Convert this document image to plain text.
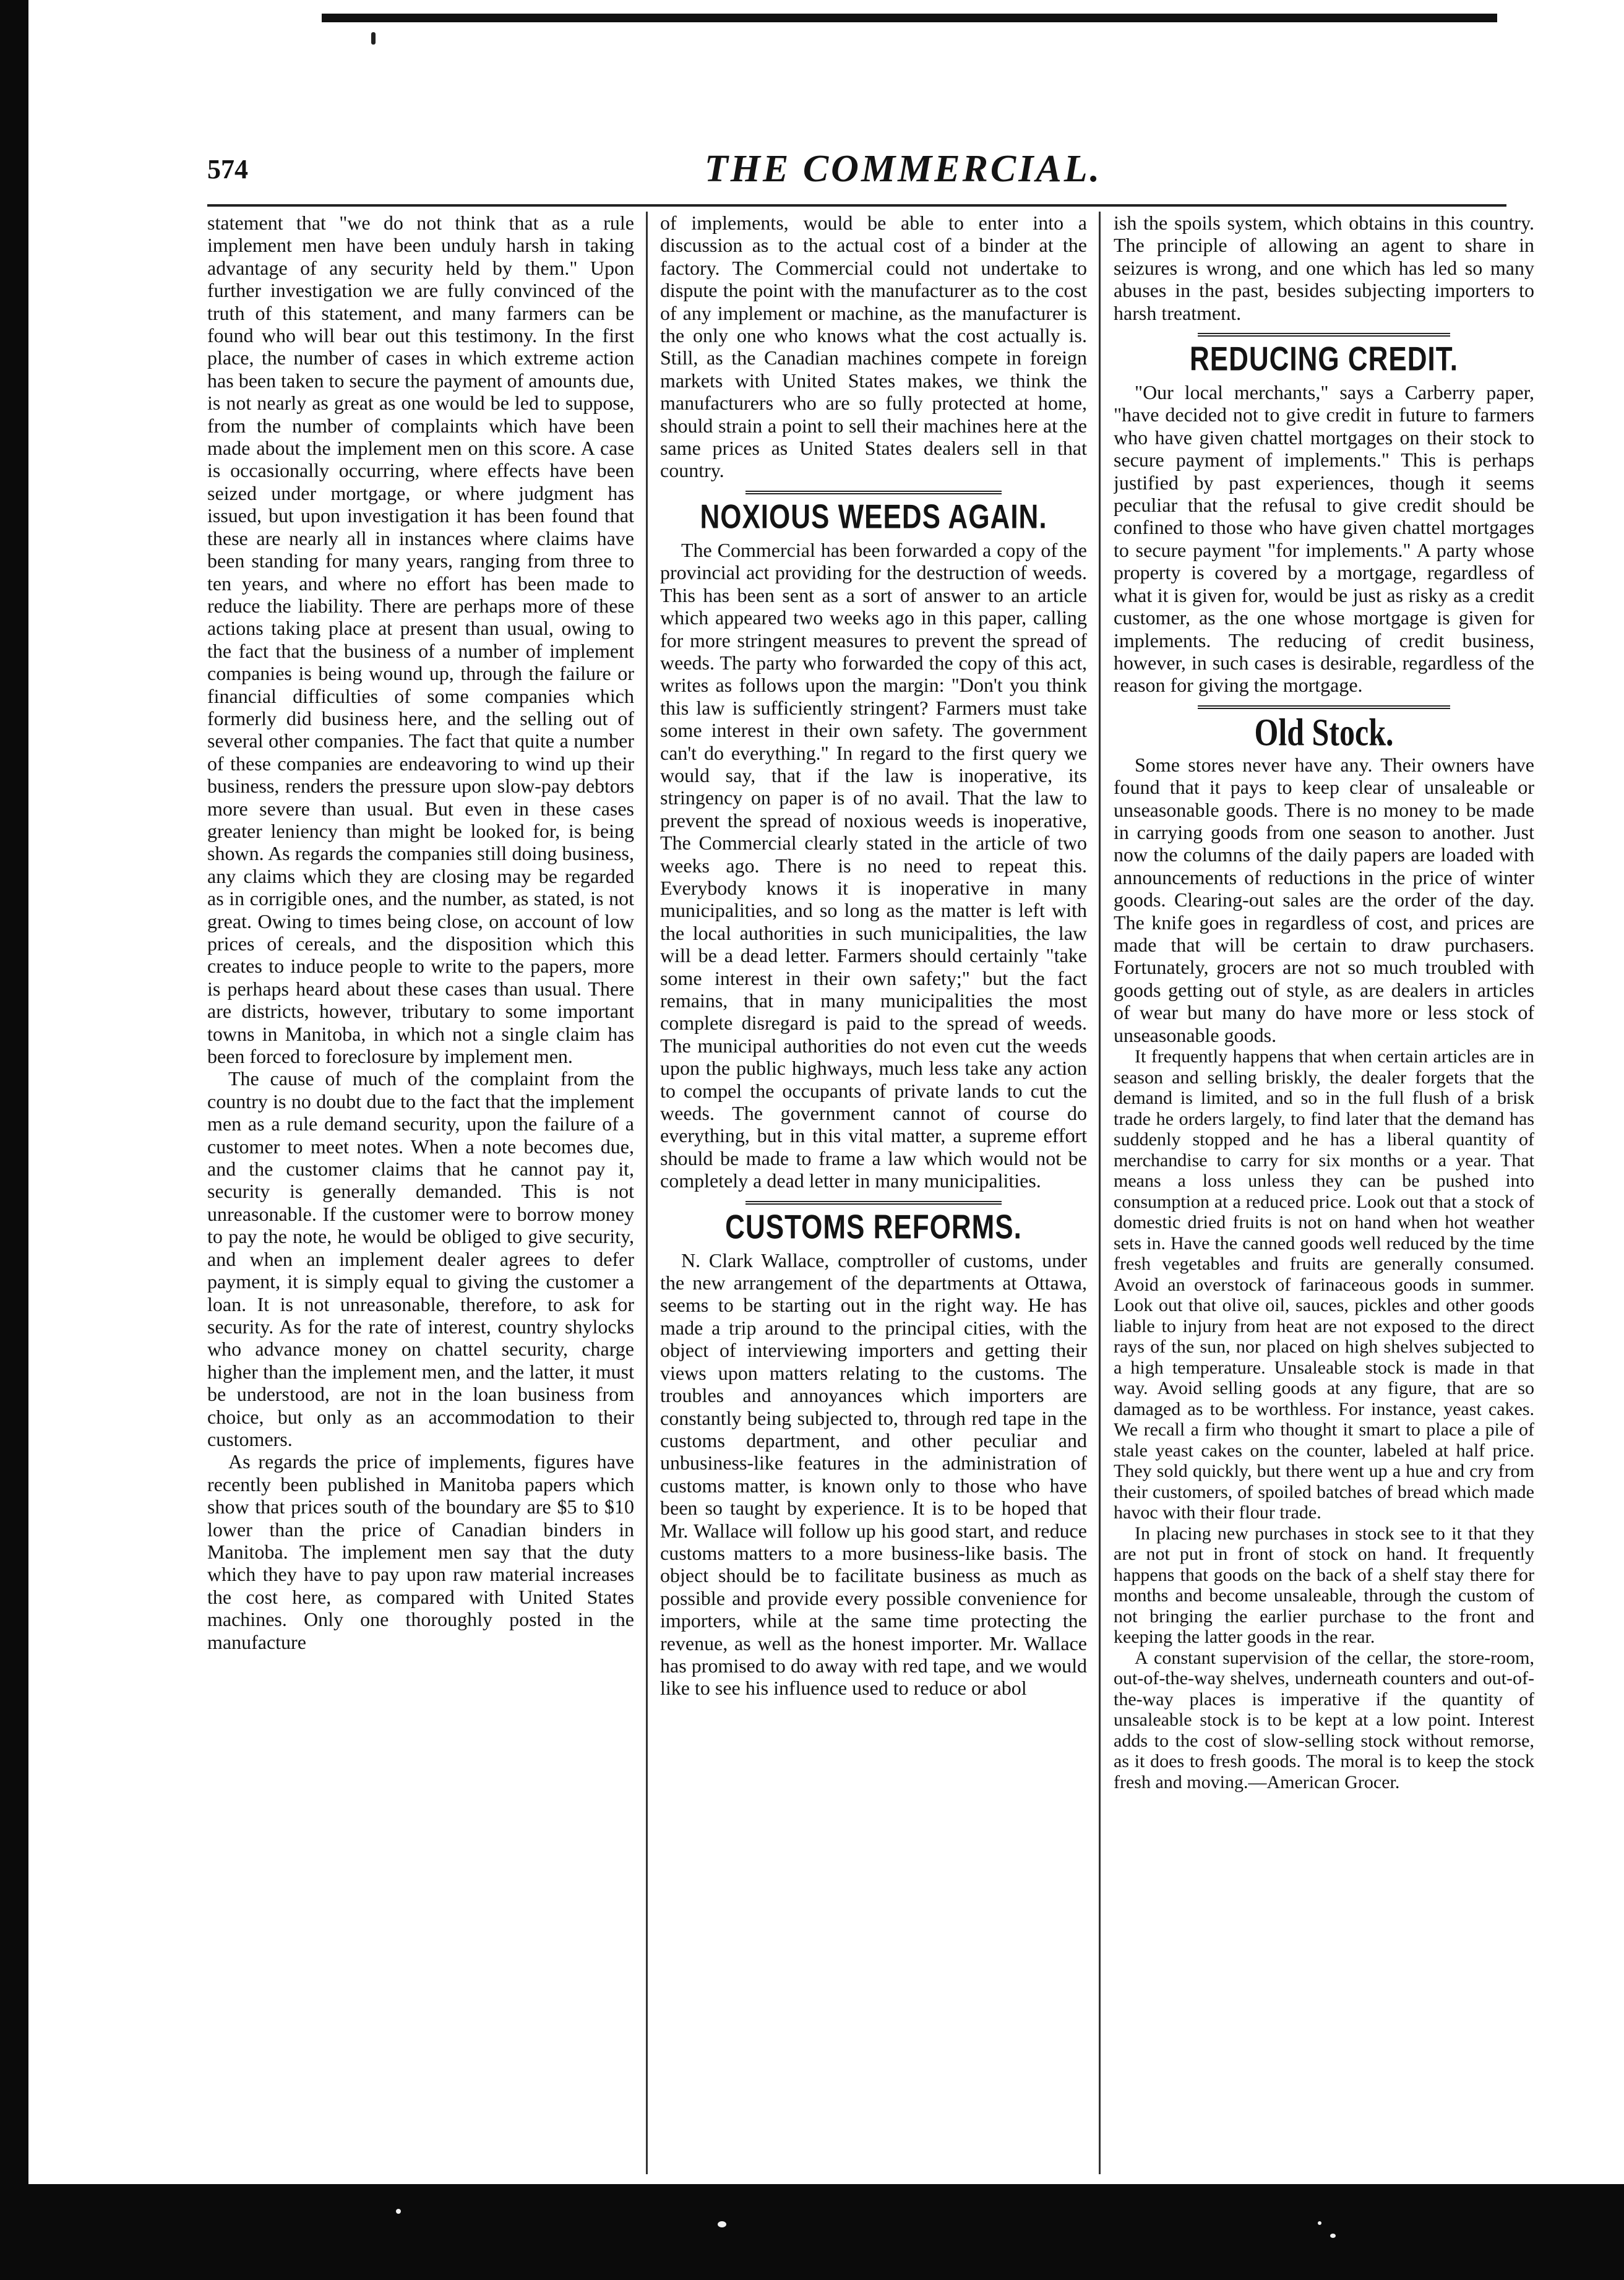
574	THE COMMERCIAL.

statement that "we do not think that as a rule implement men have been unduly harsh in taking advantage of any security held by them." Upon further investigation we are fully convinced of the truth of this statement, and many farmers can be found who will bear out this testimony. In the first place, the number of cases in which extreme action has been taken to secure the payment of amounts due, is not nearly as great as one would be led to suppose, from the number of complaints which have been made about the implement men on this score. A case is occasionally occurring, where effects have been seized under mortgage, or where judgment has issued, but upon investigation it has been found that these are nearly all in instances where claims have been standing for many years, ranging from three to ten years, and where no effort has been made to reduce the liability. There are perhaps more of these actions taking place at present than usual, owing to the fact that the business of a number of implement companies is being wound up, through the failure or financial difficulties of some companies which formerly did business here, and the selling out of several other companies. The fact that quite a number of these companies are endeavoring to wind up their business, renders the pressure upon slow-pay debtors more severe than usual. But even in these cases greater leniency than might be looked for, is being shown. As regards the companies still doing business, any claims which they are closing may be regarded as in corrigible ones, and the number, as stated, is not great. Owing to times being close, on account of low prices of cereals, and the disposition which this creates to induce people to write to the papers, more is perhaps heard about these cases than usual. There are districts, however, tributary to some important towns in Manitoba, in which not a single claim has been forced to foreclosure by implement men.

The cause of much of the complaint from the country is no doubt due to the fact that the implement men as a rule demand security, upon the failure of a customer to meet notes. When a note becomes due, and the customer claims that he cannot pay it, security is generally demanded. This is not unreasonable. If the customer were to borrow money to pay the note, he would be obliged to give security, and when an implement dealer agrees to defer payment, it is simply equal to giving the customer a loan. It is not unreasonable, therefore, to ask for security. As for the rate of interest, country shylocks who advance money on chattel security, charge higher than the implement men, and the latter, it must be understood, are not in the loan business from choice, but only as an accommodation to their customers.

As regards the price of implements, figures have recently been published in Manitoba papers which show that prices south of the boundary are $5 to $10 lower than the price of Canadian binders in Manitoba. The implement men say that the duty which they have to pay upon raw material increases the cost here, as compared with United States machines. Only one thoroughly posted in the manufacture

of implements, would be able to enter into a discussion as to the actual cost of a binder at the factory. The Commercial could not undertake to dispute the point with the manufacturer as to the cost of any implement or machine, as the manufacturer is the only one who knows what the cost actually is. Still, as the Canadian machines compete in foreign markets with United States makes, we think the manufacturers who are so fully protected at home, should strain a point to sell their machines here at the same prices as United States dealers sell in that country.

NOXIOUS WEEDS AGAIN.

The Commercial has been forwarded a copy of the provincial act providing for the destruction of weeds. This has been sent as a sort of answer to an article which appeared two weeks ago in this paper, calling for more stringent measures to prevent the spread of weeds. The party who forwarded the copy of this act, writes as follows upon the margin: "Don't you think this law is sufficiently stringent? Farmers must take some interest in their own safety. The government can't do everything." In regard to the first query we would say, that if the law is inoperative, its stringency on paper is of no avail. That the law to prevent the spread of noxious weeds is inoperative, The Commercial clearly stated in the article of two weeks ago. There is no need to repeat this. Everybody knows it is inoperative in many municipalities, and so long as the matter is left with the local authorities in such municipalities, the law will be a dead letter. Farmers should certainly "take some interest in their own safety;" but the fact remains, that in many municipalities the most complete disregard is paid to the spread of weeds. The municipal authorities do not even cut the weeds upon the public highways, much less take any action to compel the occupants of private lands to cut the weeds. The government cannot of course do everything, but in this vital matter, a supreme effort should be made to frame a law which would not be completely a dead letter in many municipalities.

CUSTOMS REFORMS.

N. Clark Wallace, comptroller of customs, under the new arrangement of the departments at Ottawa, seems to be starting out in the right way. He has made a trip around to the principal cities, with the object of interviewing importers and getting their views upon matters relating to the customs. The troubles and annoyances which importers are constantly being subjected to, through red tape in the customs department, and other peculiar and unbusiness-like features in the administration of customs matter, is known only to those who have been so taught by experience. It is to be hoped that Mr. Wallace will follow up his good start, and reduce customs matters to a more business-like basis. The object should be to facilitate business as much as possible and provide every possible convenience for importers, while at the same time protecting the revenue, as well as the honest importer. Mr. Wallace has promised to do away with red tape, and we would like to see his influence used to reduce or abol

ish the spoils system, which obtains in this country. The principle of allowing an agent to share in seizures is wrong, and one which has led so many abuses in the past, besides subjecting importers to harsh treatment.

REDUCING CREDIT.

"Our local merchants," says a Carberry paper, "have decided not to give credit in future to farmers who have given chattel mortgages on their stock to secure payment of implements." This is perhaps justified by past experiences, though it seems peculiar that the refusal to give credit should be confined to those who have given chattel mortgages to secure payment "for implements." A party whose property is covered by a mortgage, regardless of what it is given for, would be just as risky as a credit customer, as the one whose mortgage is given for implements. The reducing of credit business, however, in such cases is desirable, regardless of the reason for giving the mortgage.

Old Stock.

Some stores never have any. Their owners have found that it pays to keep clear of unsaleable or unseasonable goods. There is no money to be made in carrying goods from one season to another. Just now the columns of the daily papers are loaded with announcements of reductions in the price of winter goods. Clearing-out sales are the order of the day. The knife goes in regardless of cost, and prices are made that will be certain to draw purchasers. Fortunately, grocers are not so much troubled with goods getting out of style, as are dealers in articles of wear but many do have more or less stock of unseasonable goods.

It frequently happens that when certain articles are in season and selling briskly, the dealer forgets that the demand is limited, and so in the full flush of a brisk trade he orders largely, to find later that the demand has suddenly stopped and he has a liberal quantity of merchandise to carry for six months or a year. That means a loss unless they can be pushed into consumption at a reduced price. Look out that a stock of domestic dried fruits is not on hand when hot weather sets in. Have the canned goods well reduced by the time fresh vegetables and fruits are generally consumed. Avoid an overstock of farinaceous goods in summer. Look out that olive oil, sauces, pickles and other goods liable to injury from heat are not exposed to the direct rays of the sun, nor placed on high shelves subjected to a high temperature. Unsaleable stock is made in that way. Avoid selling goods at any figure, that are so damaged as to be worthless. For instance, yeast cakes. We recall a firm who thought it smart to place a pile of stale yeast cakes on the counter, labeled at half price. They sold quickly, but there went up a hue and cry from their customers, of spoiled batches of bread which made havoc with their flour trade.

In placing new purchases in stock see to it that they are not put in front of stock on hand. It frequently happens that goods on the back of a shelf stay there for months and become unsaleable, through the custom of not bringing the earlier purchase to the front and keeping the latter goods in the rear.

A constant supervision of the cellar, the store-room, out-of-the-way shelves, underneath counters and out-of-the-way places is imperative if the quantity of unsaleable stock is to be kept at a low point. Interest adds to the cost of slow-selling stock without remorse, as it does to fresh goods. The moral is to keep the stock fresh and moving.—American Grocer.
